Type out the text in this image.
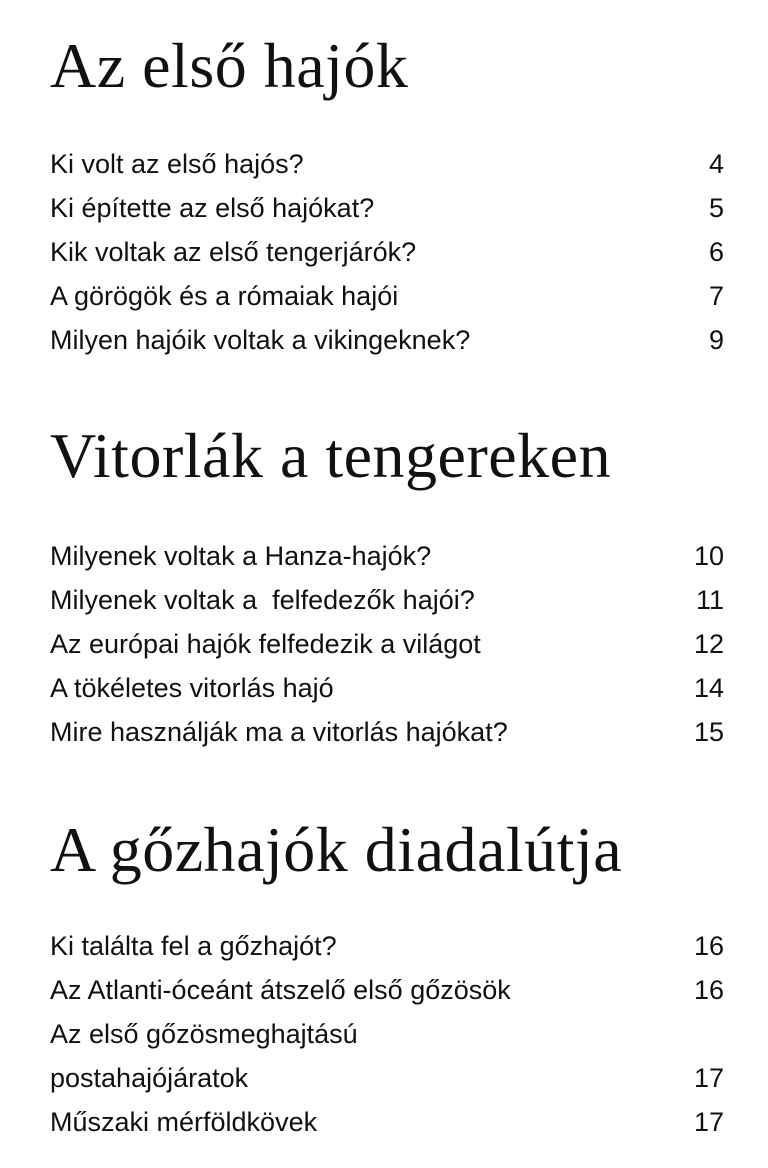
Az első hajók
Ki volt az első hajós?	4
Ki építette az első hajókat?	5
Kik voltak az első tengerjárók?	6
A görögök és a rómaiak hajói	7
Milyen hajóik voltak a vikingeknek?	9
Vitorlák a tengereken
Milyenek voltak a Hanza-hajók?	10
Milyenek voltak a  felfedezők hajói?	11
Az európai hajók felfedezik a világot	12
A tökéletes vitorlás hajó	14
Mire használják ma a vitorlás hajókat?	15
A gőzhajók diadalútja
Ki találta fel a gőzhajót?	16
Az Atlanti-óceánt átszelő első gőzösök	16
Az első gőzösmeghajtású
postahajójáratok	17
Műszaki mérföldkövek	17
